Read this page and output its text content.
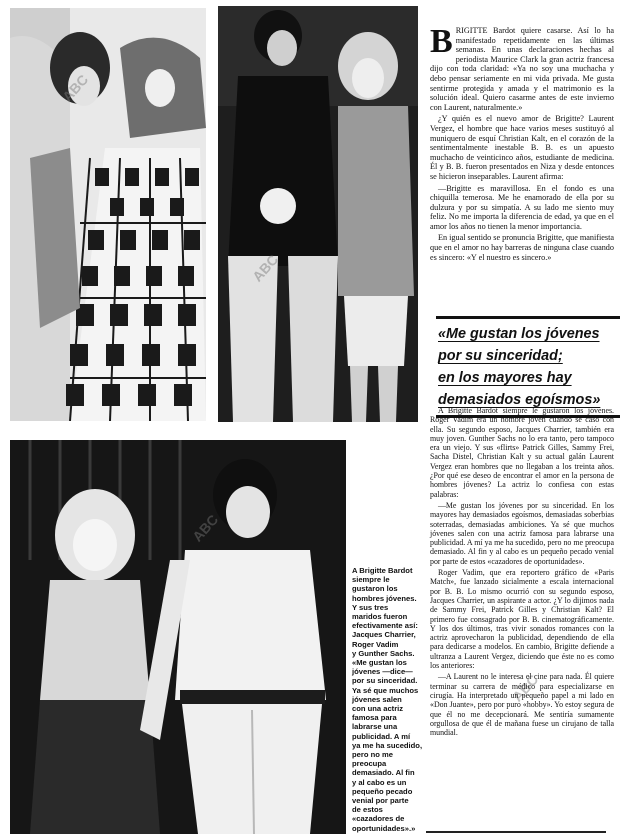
ABC
ABC
ABC
ABC
B RIGITTE Bardot quiere casarse. Así lo ha manifestado repetidamente en las últimas semanas. En unas declaraciones hechas al periodista Maurice Clark la gran actriz francesa dijo con toda claridad: «Ya no soy una muchacha y debo pensar seriamente en mi vida privada. Me gusta sentirme protegida y amada y el matrimonio es la solución ideal. Quiero casarme antes de este invierno con Laurent, naturalmente.»

¿Y quién es el nuevo amor de Brigitte? Laurent Vergez, el hombre que hace varios meses sustituyó al muniquero de esquí Christian Kalt, en el corazón de la sentimentalmente inestable B. B. es un apuesto muchacho de veinticinco años, estudiante de medicina. Él y B. B. fueron presentados en Niza y desde entonces se hicieron inseparables. Laurent afirma:

—Brigitte es maravillosa. En el fondo es una chiquilla temerosa. Me he enamorado de ella por su dulzura y por su simpatía. A su lado me siento muy feliz. No me importa la diferencia de edad, ya que en el amor los años no tienen la menor importancia.

En igual sentido se pronuncia Brigitte, que manifiesta que en el amor no hay barreras de ninguna clase cuando es sincero: «Y el nuestro es sincero.»

«Me gustan los jóvenes
por su sinceridad;
en los mayores hay
demasiados egoísmos»

A Brigitte Bardot siempre le gustaron los jóvenes. Roger Vadim era un hombre joven cuando se casó con ella. Su segundo esposo, Jacques Charrier, también era muy joven. Gunther Sachs no lo era tanto, pero tampoco era un viejo. Y sus «flirts» Patrick Gilles, Sammy Frei, Sacha Distel, Christian Kalt y su actual galán Laurent Vergez eran hombres que no llegaban a los treinta años. ¿Por qué ese deseo de encontrar el amor en la persona de hombres jóvenes? La actriz lo confiesa con estas palabras:

—Me gustan los jóvenes por su sinceridad. En los mayores hay demasiados egoísmos, demasiadas soberbias soterradas, demasiadas ambiciones. Ya sé que muchos jóvenes salen con una actriz famosa para labrarse una publicidad. A mí ya me ha sucedido, pero no me preocupa demasiado. Al fin y al cabo es un pequeño pecado venial por parte de estos «cazadores de oportunidades».

Roger Vadim, que era reportero gráfico de «Paris Match», fue lanzado sicialmente a escala internacional por B. B. Lo mismo ocurrió con su segundo esposo, Jacques Charrier, un aspirante a actor. ¿Y lo dijimos nada de Sammy Frei, Patrick Gilles y Christian Kalt? El primero fue consagrado por B. B. cinematográficamente. Y los dos últimos, tras vivir sonados romances con la actriz aprovecharon la publicidad, dependiendo de ella para dedicarse a modelos. En cambio, Brigitte defiende a ultranza a Laurent Vergez, diciendo que éste no es como los anteriores:

—A Laurent no le interesa el cine para nada. Él quiere terminar su carrera de médico para especializarse en cirugía. Ha interpretado un pequeño papel a mi lado en «Don Juante», pero por puro «hobby». Yo estoy segura de que él no me decepcionará. Me sentiría sumamente orgullosa de que él de mañana fuese un cirujano de talla mundial.

A Brigitte Bardot

siempre le

gustaron los

hombres jóvenes.

Y sus tres

maridos fueron

efectivamente así:

Jacques Charrier,

Roger Vadim

y Gunther Sachs.

«Me gustan los

jóvenes —dice—

por su sinceridad.

Ya sé que muchos

jóvenes salen

con una actriz

famosa para

labrarse una

publicidad. A mí

ya me ha sucedido,

pero no me

preocupa

demasiado. Al fin

y al cabo es un

pequeño pecado

venial por parte

de estos

«cazadores de

oportunidades».»
